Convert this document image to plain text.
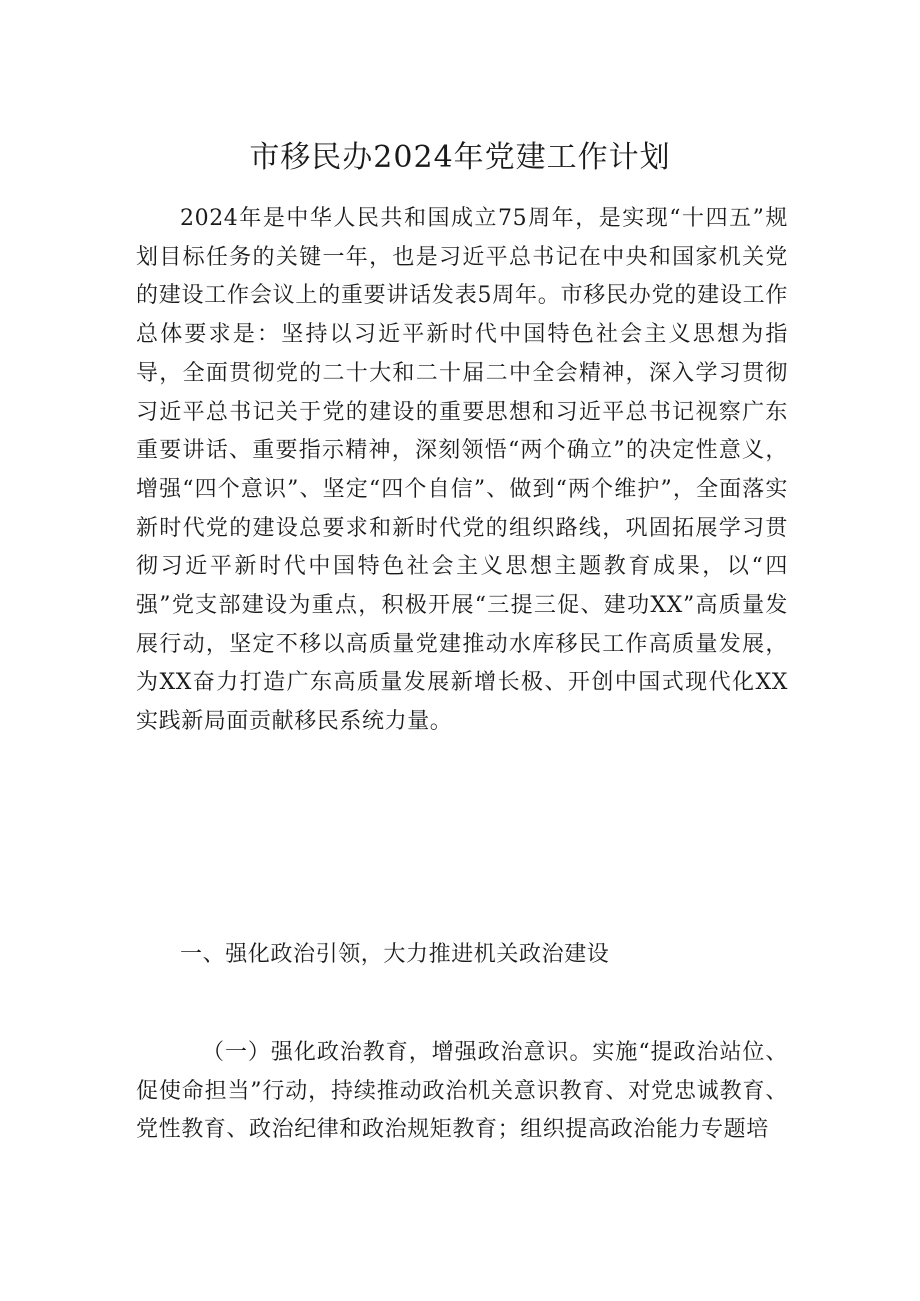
市移民办2024年党建工作计划

2024年是中华人民共和国成立75周年，是实现“十四五”规划目标任务的关键一年，也是习近平总书记在中央和国家机关党的建设工作会议上的重要讲话发表5周年。市移民办党的建设工作总体要求是：坚持以习近平新时代中国特色社会主义思想为指导，全面贯彻党的二十大和二十届二中全会精神，深入学习贯彻习近平总书记关于党的建设的重要思想和习近平总书记视察广东重要讲话、重要指示精神，深刻领悟“两个确立”的决定性意义，增强“四个意识”、坚定“四个自信”、做到“两个维护”，全面落实新时代党的建设总要求和新时代党的组织路线，巩固拓展学习贯彻习近平新时代中国特色社会主义思想主题教育成果，以“四强”党支部建设为重点，积极开展“三提三促、建功XX”高质量发展行动，坚定不移以高质量党建推动水库移民工作高质量发展，为XX奋力打造广东高质量发展新增长极、开创中国式现代化XX实践新局面贡献移民系统力量。

一、强化政治引领，大力推进机关政治建设

（一）强化政治教育，增强政治意识。实施“提政治站位、促使命担当”行动，持续推动政治机关意识教育、对党忠诚教育、党性教育、政治纪律和政治规矩教育；组织提高政治能力专题培
